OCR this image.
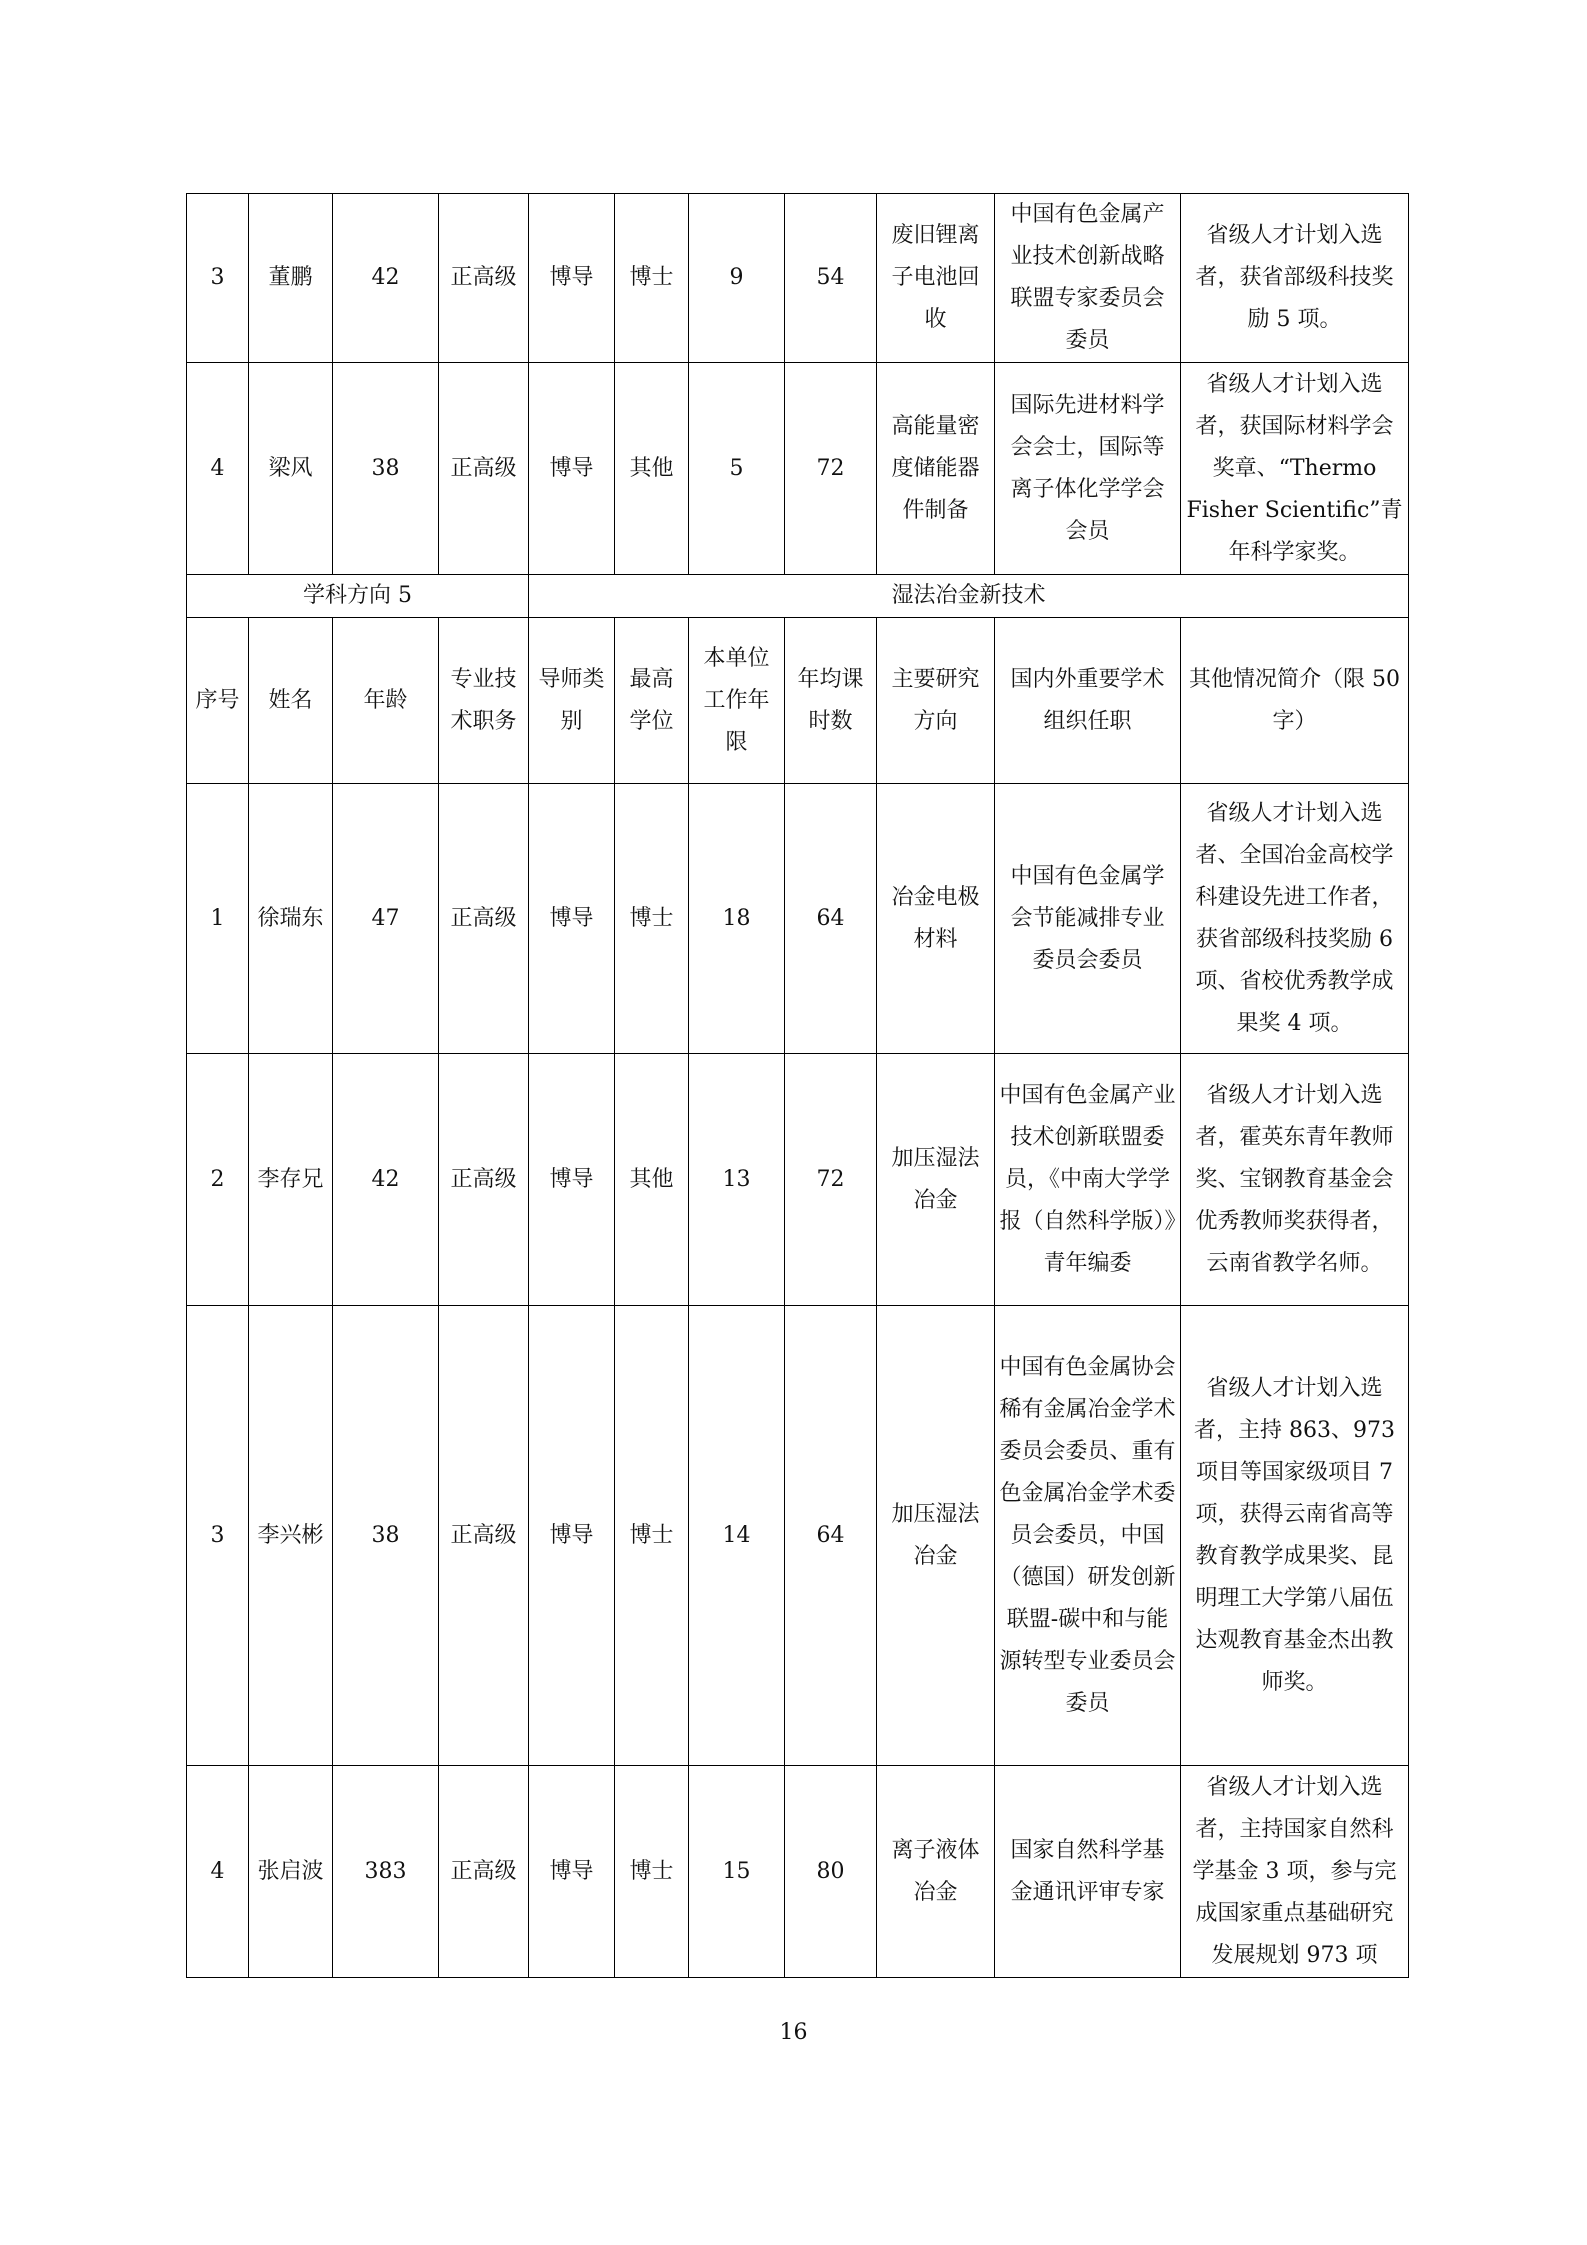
3	董鹏	42	正高级	博导	博士	9	54	废旧锂离子电池回收	中国有色金属产业技术创新战略联盟专家委员会委员	省级人才计划入选者，获省部级科技奖励 5 项。
4	梁风	38	正高级	博导	其他	5	72	高能量密度储能器件制备	国际先进材料学会会士，国际等离子体化学学会会员	省级人才计划入选者，获国际材料学会奖章、“Thermo Fisher Scientific”青年科学家奖。
学科方向 5				湿法冶金新技术						
序号	姓名	年龄	专业技术职务	导师类别	最高学位	本单位工作年限	年均课时数	主要研究方向	国内外重要学术组织任职	其他情况简介（限 50 字）
1	徐瑞东	47	正高级	博导	博士	18	64	冶金电极材料	中国有色金属学会节能减排专业委员会委员	省级人才计划入选者、全国冶金高校学科建设先进工作者，获省部级科技奖励 6 项、省校优秀教学成果奖 4 项。
2	李存兄	42	正高级	博导	其他	13	72	加压湿法冶金	中国有色金属产业技术创新联盟委员，《中南大学学报（自然科学版）》青年编委	省级人才计划入选者，霍英东青年教师奖、宝钢教育基金会优秀教师奖获得者，云南省教学名师。
3	李兴彬	38	正高级	博导	博士	14	64	加压湿法冶金	中国有色金属协会稀有金属冶金学术委员会委员、重有色金属冶金学术委员会委员，中国（德国）研发创新联盟-碳中和与能源转型专业委员会委员	省级人才计划入选者，主持 863、973 项目等国家级项目 7 项，获得云南省高等教育教学成果奖、昆明理工大学第八届伍达观教育基金杰出教师奖。
4	张启波	383	正高级	博导	博士	15	80	离子液体冶金	国家自然科学基金通讯评审专家	省级人才计划入选者，主持国家自然科学基金 3 项，参与完成国家重点基础研究发展规划 973 项
16
